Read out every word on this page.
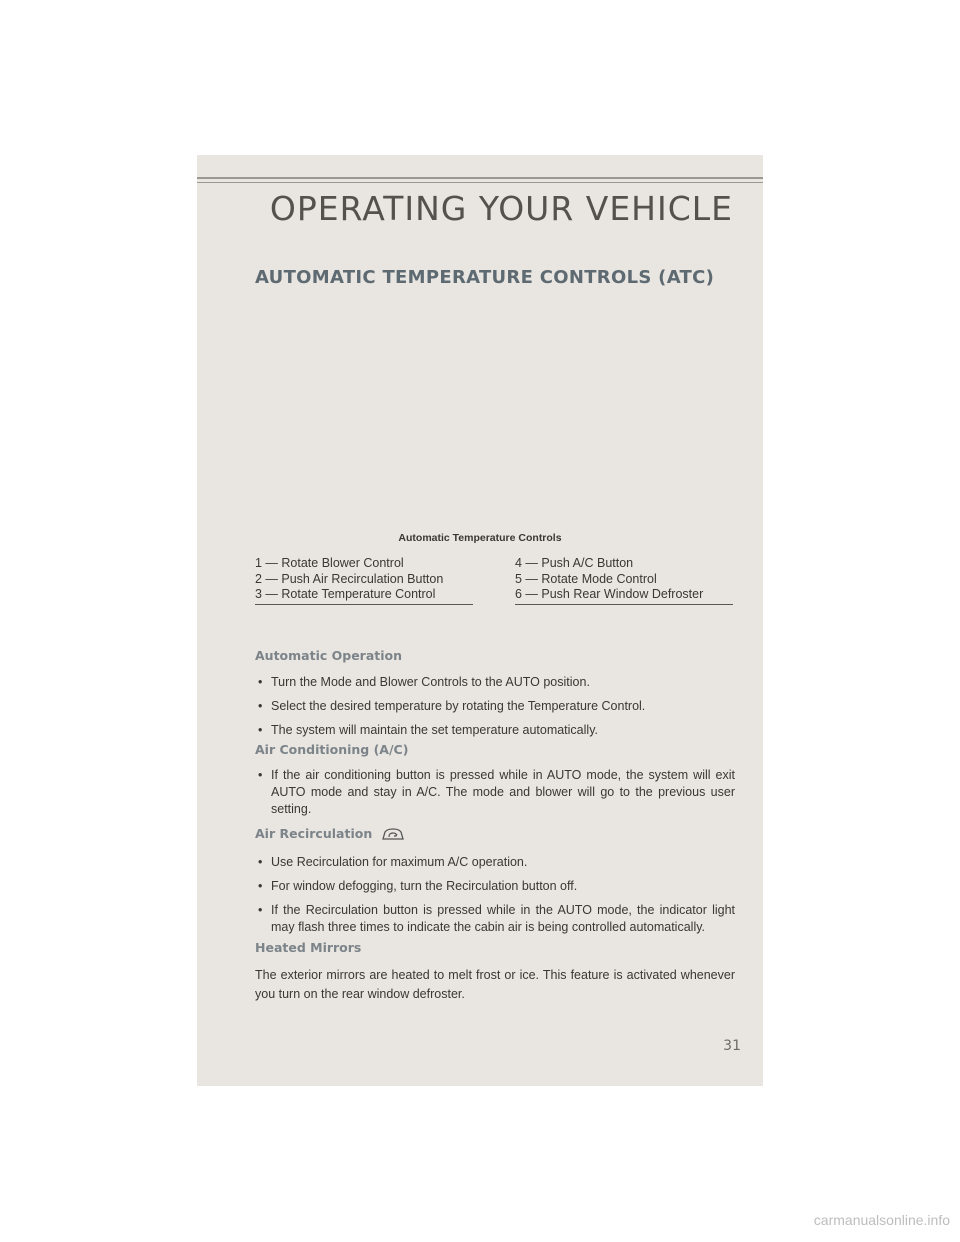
OPERATING YOUR VEHICLE
AUTOMATIC TEMPERATURE CONTROLS (ATC)
Automatic Temperature Controls
1 — Rotate Blower Control
2 — Push Air Recirculation Button
3 — Rotate Temperature Control
4 — Push A/C Button
5 — Rotate Mode Control
6 — Push Rear Window Defroster
Automatic Operation
• Turn the Mode and Blower Controls to the AUTO position.
• Select the desired temperature by rotating the Temperature Control.
• The system will maintain the set temperature automatically.
Air Conditioning (A/C)
• If the air conditioning button is pressed while in AUTO mode, the system will exit AUTO mode and stay in A/C. The mode and blower will go to the previous user setting.
Air Recirculation
• Use Recirculation for maximum A/C operation.
• For window defogging, turn the Recirculation button off.
• If the Recirculation button is pressed while in the AUTO mode, the indicator light may flash three times to indicate the cabin air is being controlled automatically.
Heated Mirrors

The exterior mirrors are heated to melt frost or ice. This feature is activated whenever you turn on the rear window defroster.

31
carmanualsonline.info
